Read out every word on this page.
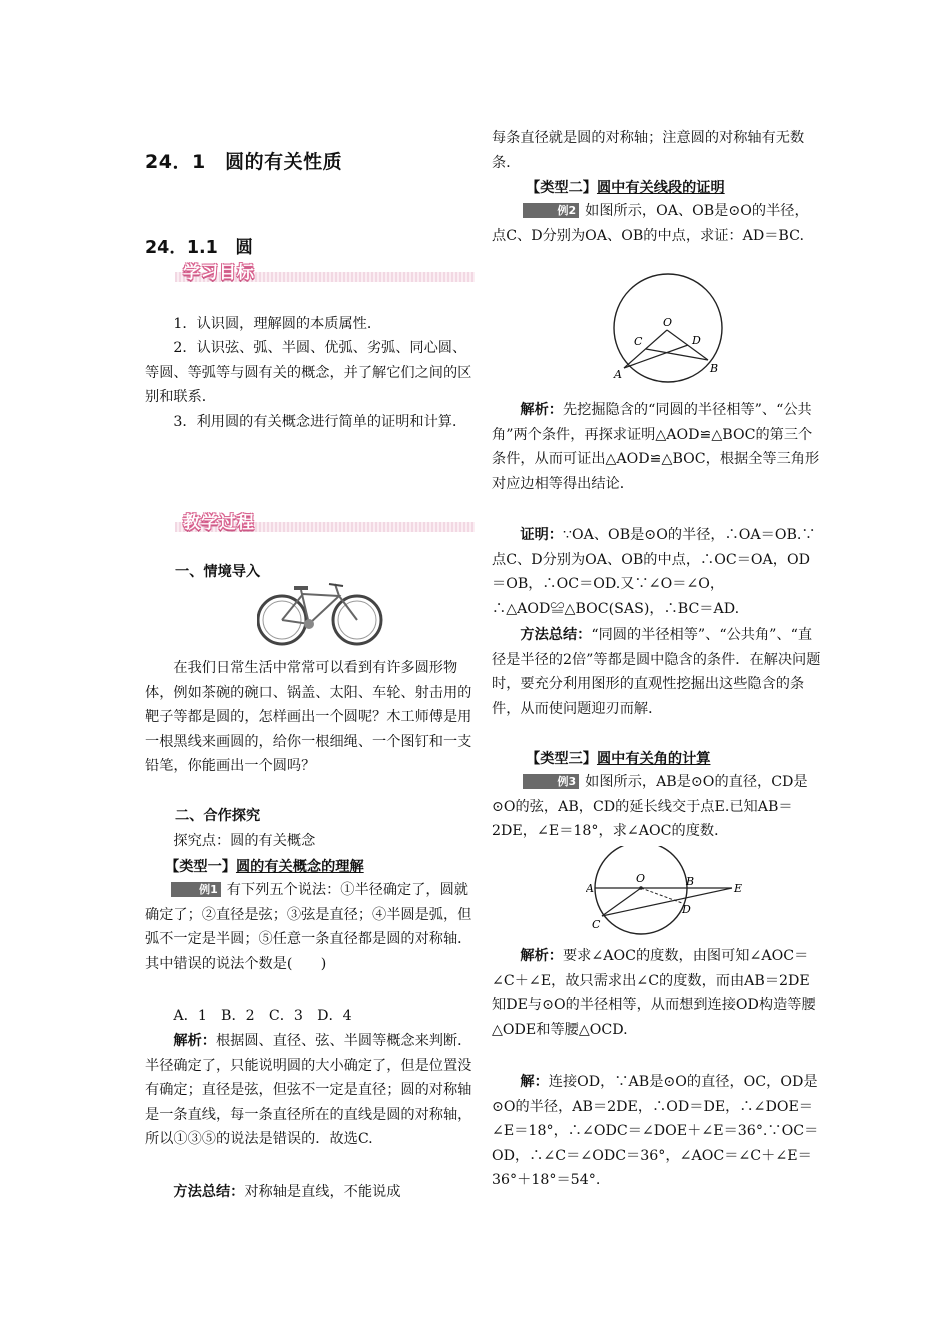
24．1　圆的有关性质
24．1.1　圆
学习目标
1．认识圆，理解圆的本质属性．
2．认识弦、弧、半圆、优弧、劣弧、同心圆、等圆、等弧等与圆有关的概念，并了解它们之间的区别和联系．
3．利用圆的有关概念进行简单的证明和计算．
教学过程
一、情境导入
在我们日常生活中常常可以看到有许多圆形物体，例如茶碗的碗口、锅盖、太阳、车轮、射击用的靶子等都是圆的，怎样画出一个圆呢？木工师傅是用一根黑线来画圆的，给你一根细绳、一个图钉和一支铅笔，你能画出一个圆吗？
二、合作探究
探究点：圆的有关概念
【类型一】圆的有关概念的理解
例1 有下列五个说法：①半径确定了，圆就确定了；②直径是弦；③弦是直径；④半圆是弧，但弧不一定是半圆；⑤任意一条直径都是圆的对称轴．其中错误的说法个数是(　　)
A．1　B．2　C．3　D．4
解析：根据圆、直径、弦、半圆等概念来判断．半径确定了，只能说明圆的大小确定了，但是位置没有确定；直径是弦，但弦不一定是直径；圆的对称轴是一条直线，每一条直径所在的直线是圆的对称轴，所以①③⑤的说法是错误的．故选C.
方法总结：对称轴是直线，不能说成
每条直径就是圆的对称轴；注意圆的对称轴有无数条．
【类型二】圆中有关线段的证明
例2 如图所示，OA、OB是⊙O的半径，点C、D分别为OA、OB的中点，求证：AD＝BC.
O
C	D
A	B
解析：先挖掘隐含的“同圆的半径相等”、“公共角”两个条件，再探求证明△AOD≌△BOC的第三个条件，从而可证出△AOD≌△BOC，根据全等三角形对应边相等得出结论．
证明：∵OA、OB是⊙O的半径，∴OA＝OB.∵点C、D分别为OA、OB的中点，∴OC＝OA，OD＝OB，∴OC＝OD.又∵∠O＝∠O，∴△AOD≌△BOC(SAS)，∴BC＝AD.
方法总结：“同圆的半径相等”、“公共角”、“直径是半径的2倍”等都是圆中隐含的条件．在解决问题时，要充分利用图形的直观性挖掘出这些隐含的条件，从而使问题迎刃而解．
【类型三】圆中有关角的计算
例3 如图所示，AB是⊙O的直径，CD是⊙O的弦，AB，CD的延长线交于点E.已知AB＝2DE，∠E＝18°，求∠AOC的度数．
A
O	B
E
C
D
解析：要求∠AOC的度数，由图可知∠AOC＝∠C＋∠E，故只需求出∠C的度数，而由AB＝2DE知DE与⊙O的半径相等，从而想到连接OD构造等腰△ODE和等腰△OCD.
解：连接OD，∵AB是⊙O的直径，OC，OD是⊙O的半径，AB＝2DE，∴OD＝DE，∴∠DOE＝∠E＝18°，∴∠ODC＝∠DOE＋∠E＝36°.∵OC＝OD，∴∠C＝∠ODC＝36°，∠AOC＝∠C＋∠E＝36°＋18°＝54°.
